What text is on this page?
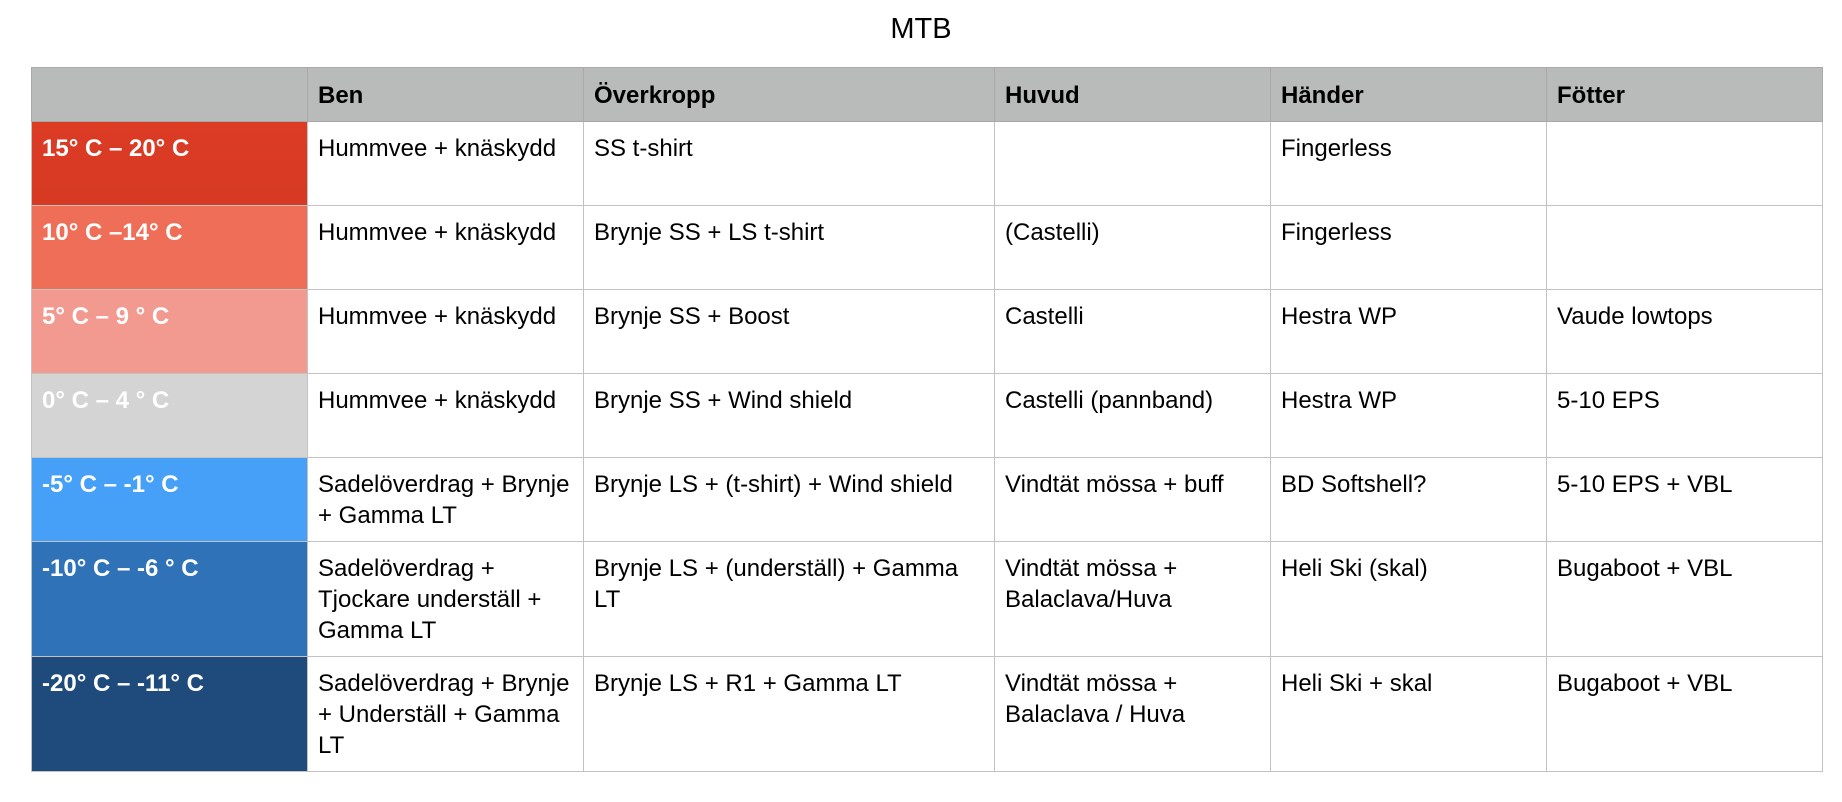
MTB
	Ben	Överkropp	Huvud	Händer	Fötter
15° C – 20° C	Hummvee + knäskydd	SS t-shirt		Fingerless	
10° C –14° C	Hummvee + knäskydd	Brynje SS + LS t-shirt	(Castelli)	Fingerless	
5° C – 9 ° C	Hummvee + knäskydd	Brynje SS + Boost	Castelli	Hestra WP	Vaude lowtops
0° C – 4 ° C	Hummvee + knäskydd	Brynje SS + Wind shield	Castelli (pannband)	Hestra WP	5-10 EPS
-5° C – -1° C	Sadelöverdrag + Brynje + Gamma LT	Brynje LS + (t-shirt) + Wind shield	Vindtät mössa + buff	BD Softshell?	5-10 EPS + VBL
-10° C – -6 ° C	Sadelöverdrag + Tjockare underställ + Gamma LT	Brynje LS + (underställ) + Gamma LT	Vindtät mössa + Balaclava/Huva	Heli Ski (skal)	Bugaboot + VBL
-20° C – -11° C	Sadelöverdrag + Brynje + Underställ + Gamma LT	Brynje LS + R1 + Gamma LT	Vindtät mössa + Balaclava / Huva	Heli Ski + skal	Bugaboot + VBL
